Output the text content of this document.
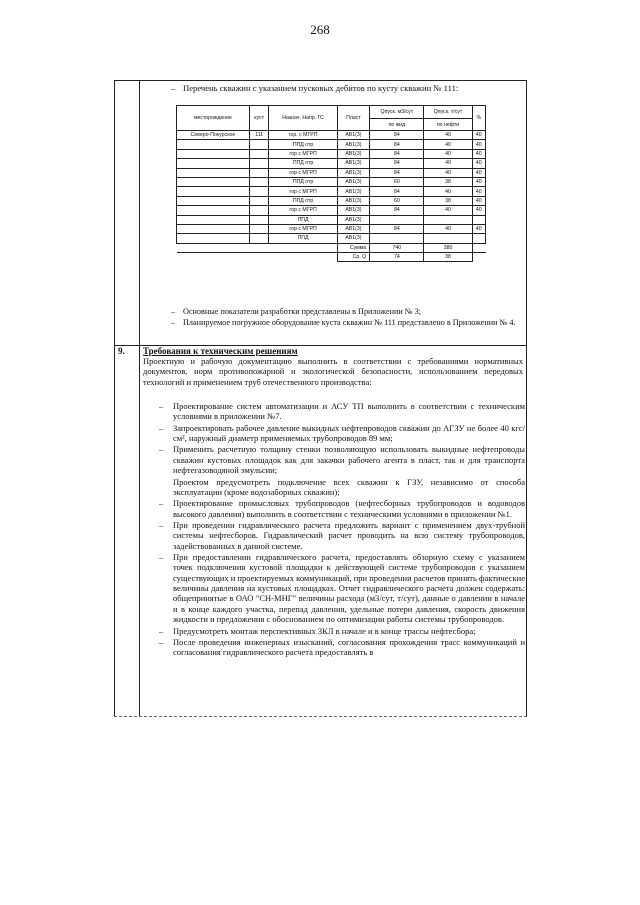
268
– Перечень скважин с указанием пусковых дебитов по кусту скважин № 111:
месторождение	куст	Назнач. Напр. ГС	Пласт	Qпуск. м3/сут	Qпуск. т/сут	%
				по жид	по нефти	
Северо-Покурское	111	гор. с МГРП	АВ1(3)	84	40	40
		ППД отр	АВ1(3)	84	40	40
		гор с МГРП	АВ1(3)	84	40	40
		ППД отр	АВ1(3)	84	40	40
		гор с МГРП	АВ1(3)	84	40	40
		ППД отр	АВ1(3)	60	38	40
		гор с МГРП	АВ1(3)	84	40	40
		ППД отр	АВ1(3)	60	38	40
		гор с МГРП	АВ1(3)	84	40	40
		ППД	АВ1(3)			
		гор с МГРП	АВ1(3)	84	40	40
		ППД	АВ1(3)			
			Сумма	740	380	
			Ср. Q	74	38	

– Основные показатели разработки представлены в Приложении № 3;

– Планируемое погружное оборудование куста скважин № 111 представлено в Приложении № 4.

9. Требования к техническим решениям
Проектную и рабочую документацию выполнить в соответствии с требованиями нормативных документов, норм противопожарной и экологической безопасности, использованием передовых технологий и применением труб отечественного производства:
– Проектирование систем автоматизации и АСУ ТП выполнить в соответствии с техническим условиями в приложении №7.
– Запроектировать рабочее давление выкидных нефтепроводов скважин до АГЗУ не более 40 кгс/см², наружный диаметр применяемых трубопроводов 89 мм;
– Применить расчетную толщину стенки позволяющую использовать выкидные нефтепроводы скважин кустовых площадок как для закачки рабочего агента в пласт, так и для транспорта нефтегазоводяной эмульсии;
Проектом предусмотреть подключение всех скважин к ГЗУ, независимо от способа эксплуатации (кроме водозаборных скважин);
– Проектирование промысловых трубопроводов (нефтесборных трубопроводов и водоводов высокого давления) выполнить в соответствии с техническими условиями в приложении №1.
– При проведении гидравлического расчета предложить вариант с применением двух-трубной системы нефтесборов. Гидравлический расчет проводить на всю систему трубопроводов, задействованных в данной системе.
– При предоставлении гидравлического расчета, предоставлять обзорную схему с указанием точек подключения кустовой площадки к действующей системе трубопроводов с указанием существующих и проектируемых коммуникаций, при проведении расчетов принять фактические величины давления на кустовых площадках. Отчет гидравлического расчета должен содержать: общепринятые в ОАО "СН-МНГ" величины расхода (м3/сут, т/сут), данные о давлении в начале и в конце каждого участка, перепад давления, удельные потери давления, скорость движения жидкости и предложения с обоснованием по оптимизации работы системы трубопроводов.
– Предусмотреть монтаж перспективных ЗКЛ в начале и в конце трассы нефтесбора;
– После проведения инженерных изысканий, согласования прохождения трасс коммуникаций и согласования гидравлического расчета предоставлять в
